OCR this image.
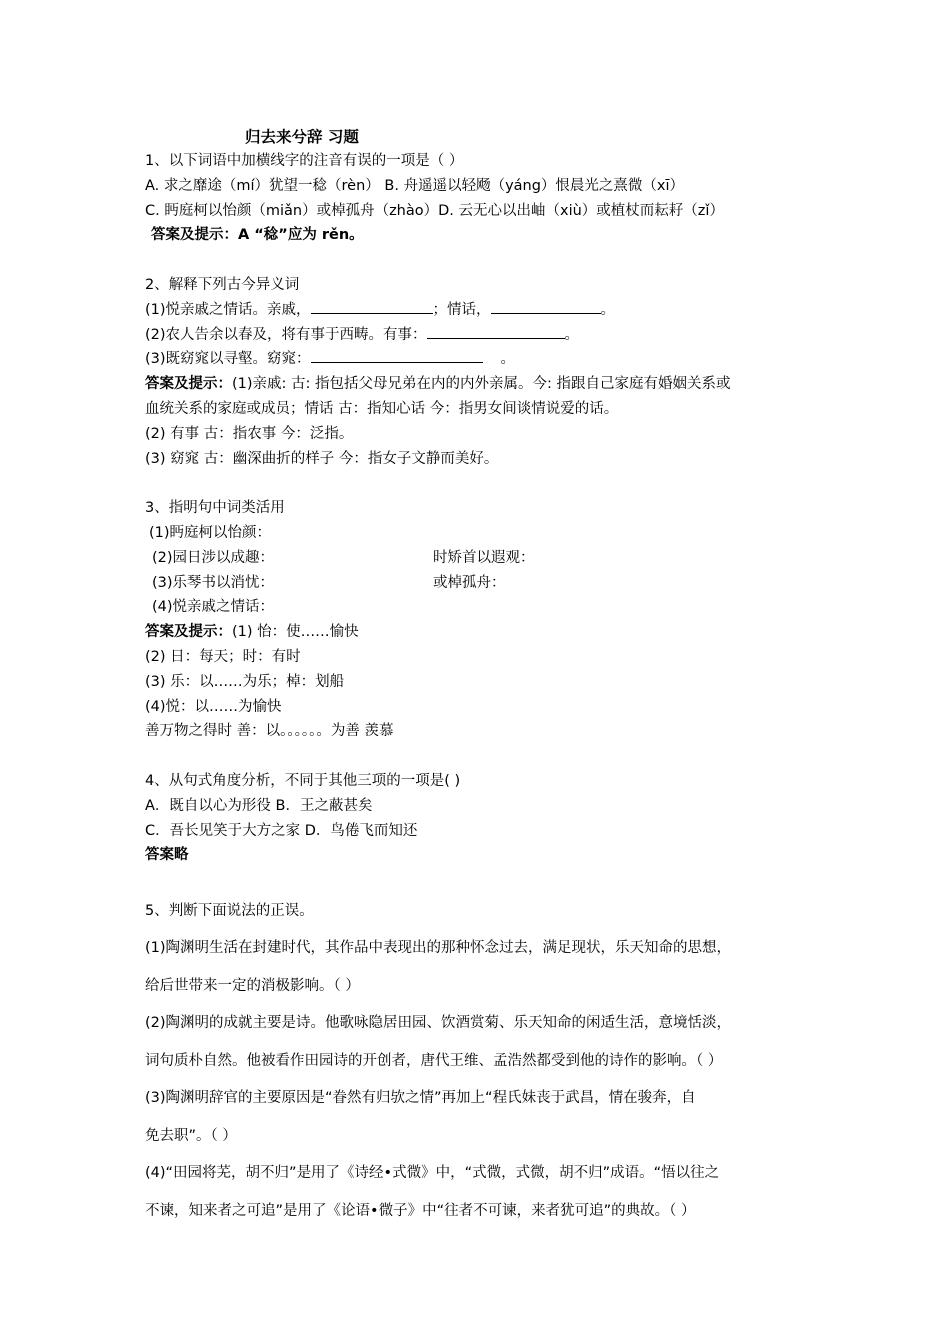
归去来兮辞 习题
1、以下词语中加横线字的注音有误的一项是（ ）
A. 求之靡途（mí）犹望一稔（rèn） B. 舟遥遥以轻飏（yáng）恨晨光之熹微（xī）
C. 眄庭柯以怡颜（miǎn）或棹孤舟（zhào）D. 云无心以出岫（xiù）或植杖而耘耔（zǐ）
答案及提示：A “稔”应为 rěn。
2、解释下列古今异义词
(1)悦亲戚之情话。亲戚，	；情话，	。
(2)农人告余以春及，将有事于西畴。有事：	。
(3)既窈窕以寻壑。窈窕：	。
答案及提示：(1)亲戚: 古: 指包括父母兄弟在内的内外亲属。今: 指跟自己家庭有婚姻关系或
血统关系的家庭或成员；情话 古：指知心话 今：指男女间谈情说爱的话。
(2) 有事 古：指农事 今：泛指。
(3) 窈窕 古：幽深曲折的样子 今：指女子文静而美好。
3、指明句中词类活用
(1)眄庭柯以怡颜：
(2)园日涉以成趣：	时矫首以遐观：
(3)乐琴书以消忧：	或棹孤舟：
(4)悦亲戚之情话：
答案及提示：(1) 怡：使……愉快
(2) 日：每天；时：有时
(3) 乐：以……为乐；棹：划船
(4)悦：以……为愉快
善万物之得时 善：以。。。。。。为善 羡慕
4、从句式角度分析，不同于其他三项的一项是( )
A．既自以心为形役 B．王之蔽甚矣
C．吾长见笑于大方之家 D．鸟倦飞而知还
答案略
5、判断下面说法的正误。
(1)陶渊明生活在封建时代，其作品中表现出的那种怀念过去，满足现状，乐天知命的思想，
给后世带来一定的消极影响。（ ）
(2)陶渊明的成就主要是诗。他歌咏隐居田园、饮酒赏菊、乐天知命的闲适生活，意境恬淡，
词句质朴自然。他被看作田园诗的开创者，唐代王维、孟浩然都受到他的诗作的影响。（ ）
(3)陶渊明辞官的主要原因是“眷然有归欤之情”再加上“程氏妹丧于武昌，情在骏奔，自
免去职”。（ ）
(4)“田园将芜，胡不归”是用了《诗经•式微》中，“式微，式微，胡不归”成语。“悟以往之
不谏，知来者之可追”是用了《论语•微子》中“往者不可谏，来者犹可追”的典故。（ ）
